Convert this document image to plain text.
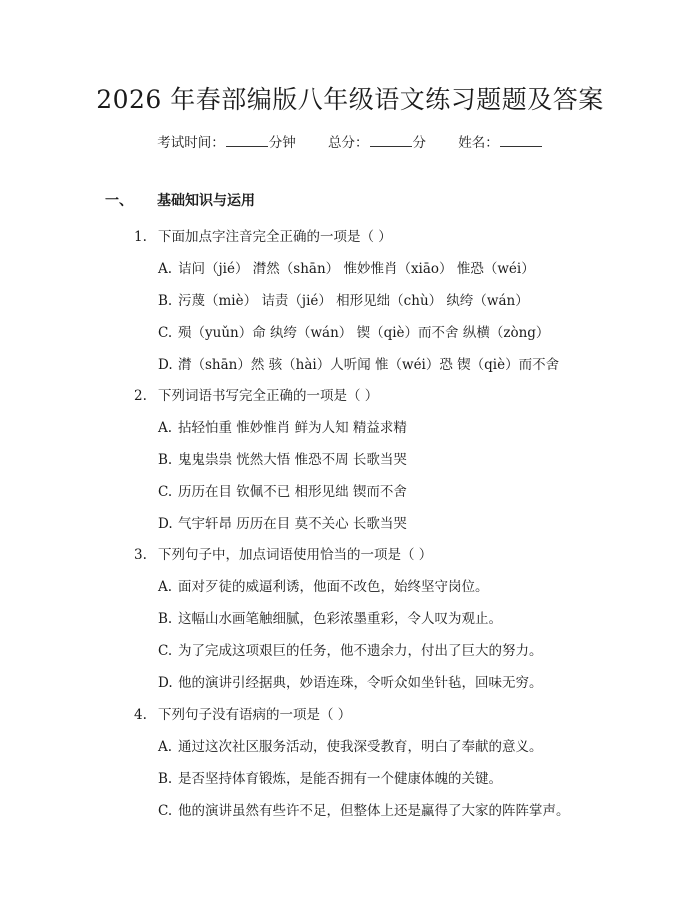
2026 年春部编版八年级语文练习题题及答案
考试时间：	分钟 总分：	分 姓名：
一、 基础知识与运用
1. 下面加点字注音完全正确的一项是（ ）
A. 诘问（jié） 潸然（shān） 惟妙惟肖（xiāo） 惟恐（wéi）
B. 污蔑（miè） 诘责（jié） 相形见绌（chù） 纨绔（wán）
C. 殒（yuǔn）命 纨绔（wán） 锲（qiè）而不舍 纵横（zòng）
D. 潸（shān）然 骇（hài）人听闻 惟（wéi）恐 锲（qiè）而不舍
2. 下列词语书写完全正确的一项是（ ）
A. 拈轻怕重 惟妙惟肖 鲜为人知 精益求精
B. 鬼鬼祟祟 恍然大悟 惟恐不周 长歌当哭
C. 历历在目 钦佩不已 相形见绌 锲而不舍
D. 气宇轩昂 历历在目 莫不关心 长歌当哭
3. 下列句子中，加点词语使用恰当的一项是（ ）
A. 面对歹徒的威逼利诱，他面不改色，始终坚守岗位。
B. 这幅山水画笔触细腻，色彩浓墨重彩，令人叹为观止。
C. 为了完成这项艰巨的任务，他不遗余力，付出了巨大的努力。
D. 他的演讲引经据典，妙语连珠，令听众如坐针毡，回味无穷。
4. 下列句子没有语病的一项是（ ）
A. 通过这次社区服务活动，使我深受教育，明白了奉献的意义。
B. 是否坚持体育锻炼，是能否拥有一个健康体魄的关键。
C. 他的演讲虽然有些许不足，但整体上还是赢得了大家的阵阵掌声。
